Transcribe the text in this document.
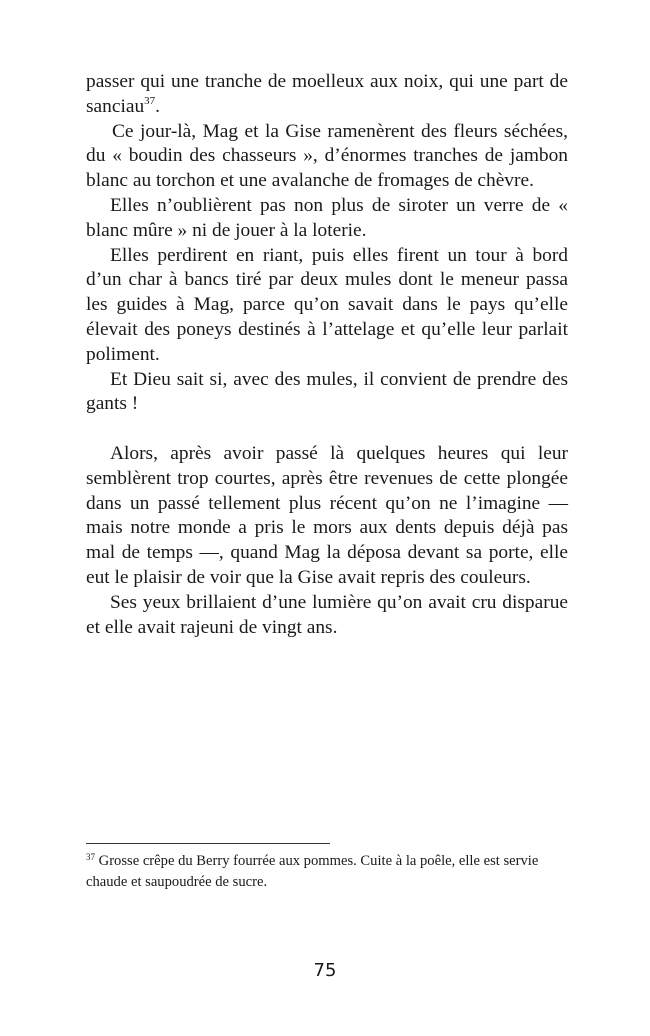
passer qui une tranche de moelleux aux noix, qui une part de sanciau$^{37}$.

Ce jour-là, Mag et la Gise ramenèrent des fleurs séchées, du « boudin des chasseurs », d’énormes tranches de jambon blanc au torchon et une avalanche de fromages de chèvre.

Elles n’oublièrent pas non plus de siroter un verre de « blanc mûre » ni de jouer à la loterie.

Elles perdirent en riant, puis elles firent un tour à bord d’un char à bancs tiré par deux mules dont le meneur passa les guides à Mag, parce qu’on savait dans le pays qu’elle élevait des poneys destinés à l’attelage et qu’elle leur parlait poliment.

Et Dieu sait si, avec des mules, il convient de prendre des gants !

Alors, après avoir passé là quelques heures qui leur semblèrent trop courtes, après être revenues de cette plongée dans un passé tellement plus récent qu’on ne l’imagine — mais notre monde a pris le mors aux dents depuis déjà pas mal de temps —, quand Mag la déposa devant sa porte, elle eut le plaisir de voir que la Gise avait repris des couleurs.

Ses yeux brillaient d’une lumière qu’on avait cru disparue et elle avait rajeuni de vingt ans.

$^{37}$ Grosse crêpe du Berry fourrée aux pommes. Cuite à la poêle, elle est servie chaude et saupoudrée de sucre.

75
